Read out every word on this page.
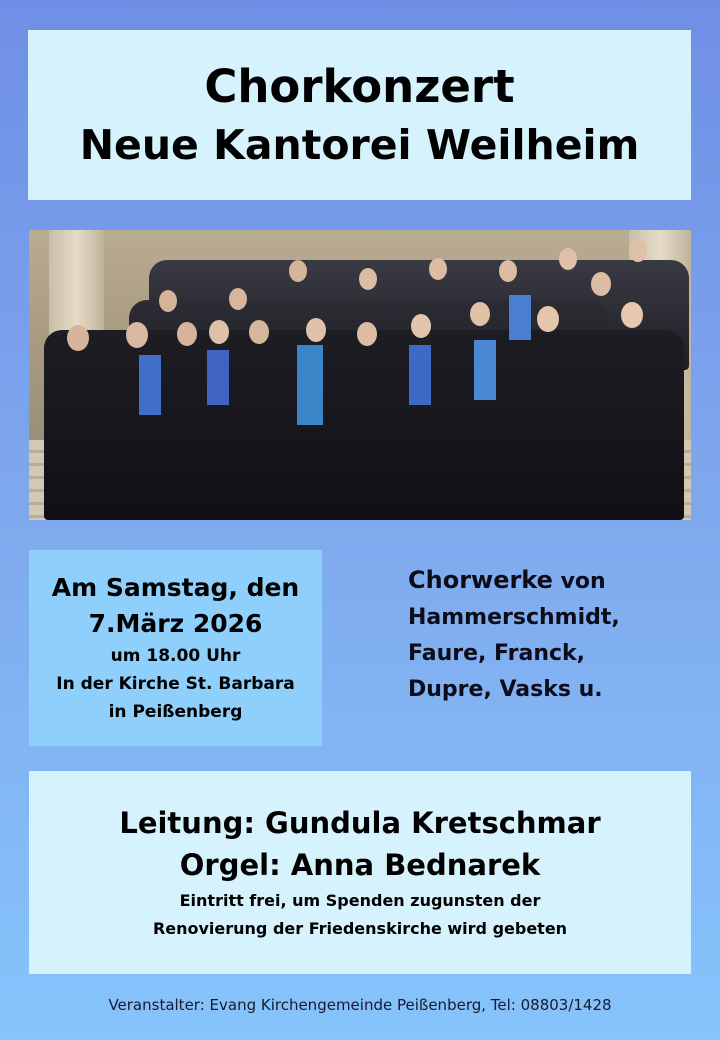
Chorkonzert
Neue Kantorei Weilheim
Am Samstag, den
7.März 2026
um 18.00 Uhr
In der Kirche St. Barbara
in Peißenberg
Chorwerke von
Hammerschmidt,
Faure, Franck,
Dupre, Vasks u.
Leitung: Gundula Kretschmar
Orgel: Anna Bednarek
Eintritt frei, um Spenden zugunsten der
Renovierung der Friedenskirche wird gebeten
Veranstalter: Evang Kirchengemeinde Peißenberg, Tel: 08803/1428
